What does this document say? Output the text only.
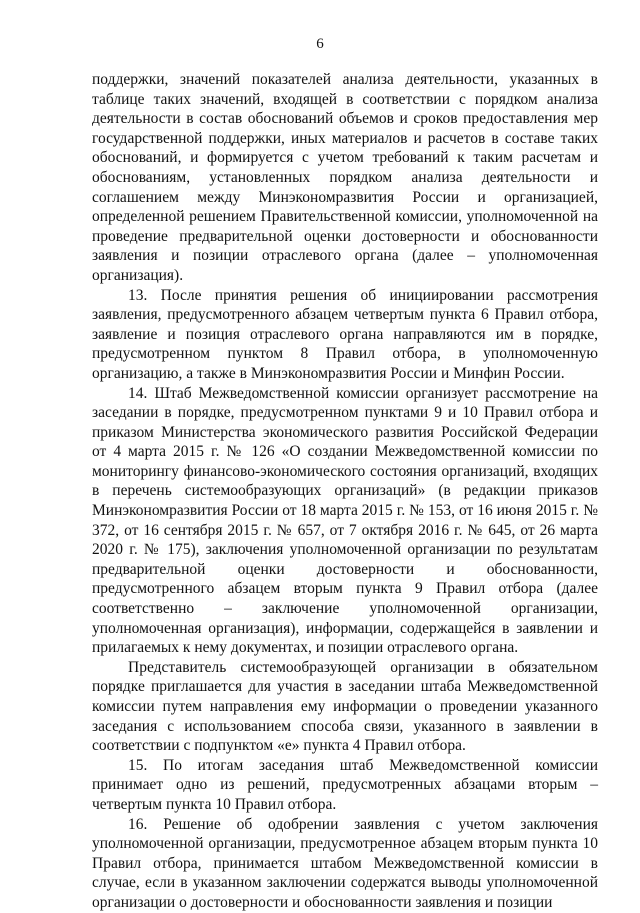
6

поддержки, значений показателей анализа деятельности, указанных в таблице таких значений, входящей в соответствии с порядком анализа деятельности в состав обоснований объемов и сроков предоставления мер государственной поддержки, иных материалов и расчетов в составе таких обоснований, и формируется с учетом требований к таким расчетам и обоснованиям, установленных порядком анализа деятельности и соглашением между Минэкономразвития России и организацией, определенной решением Правительственной комиссии, уполномоченной на проведение предварительной оценки достоверности и обоснованности заявления и позиции отраслевого органа (далее – уполномоченная организация).

13. После принятия решения об инициировании рассмотрения заявления, предусмотренного абзацем четвертым пункта 6 Правил отбора, заявление и позиция отраслевого органа направляются им в порядке, предусмотренном пунктом 8 Правил отбора, в уполномоченную организацию, а также в Минэкономразвития России и Минфин России.

14. Штаб Межведомственной комиссии организует рассмотрение на заседании в порядке, предусмотренном пунктами 9 и 10 Правил отбора и приказом Министерства экономического развития Российской Федерации от 4 марта 2015 г. № 126 «О создании Межведомственной комиссии по мониторингу финансово-экономического состояния организаций, входящих в перечень системообразующих организаций» (в редакции приказов Минэкономразвития России от 18 марта 2015 г. № 153, от 16 июня 2015 г. № 372, от 16 сентября 2015 г. № 657, от 7 октября 2016 г. № 645, от 26 марта 2020 г. № 175), заключения уполномоченной организации по результатам предварительной оценки достоверности и обоснованности, предусмотренного абзацем вторым пункта 9 Правил отбора (далее соответственно – заключение уполномоченной организации, уполномоченная организация), информации, содержащейся в заявлении и прилагаемых к нему документах, и позиции отраслевого органа.

Представитель системообразующей организации в обязательном порядке приглашается для участия в заседании штаба Межведомственной комиссии путем направления ему информации о проведении указанного заседания с использованием способа связи, указанного в заявлении в соответствии с подпунктом «е» пункта 4 Правил отбора.

15. По итогам заседания штаб Межведомственной комиссии принимает одно из решений, предусмотренных абзацами вторым – четвертым пункта 10 Правил отбора.

16. Решение об одобрении заявления с учетом заключения уполномоченной организации, предусмотренное абзацем вторым пункта 10 Правил отбора, принимается штабом Межведомственной комиссии в случае, если в указанном заключении содержатся выводы уполномоченной организации о достоверности и обоснованности заявления и позиции
